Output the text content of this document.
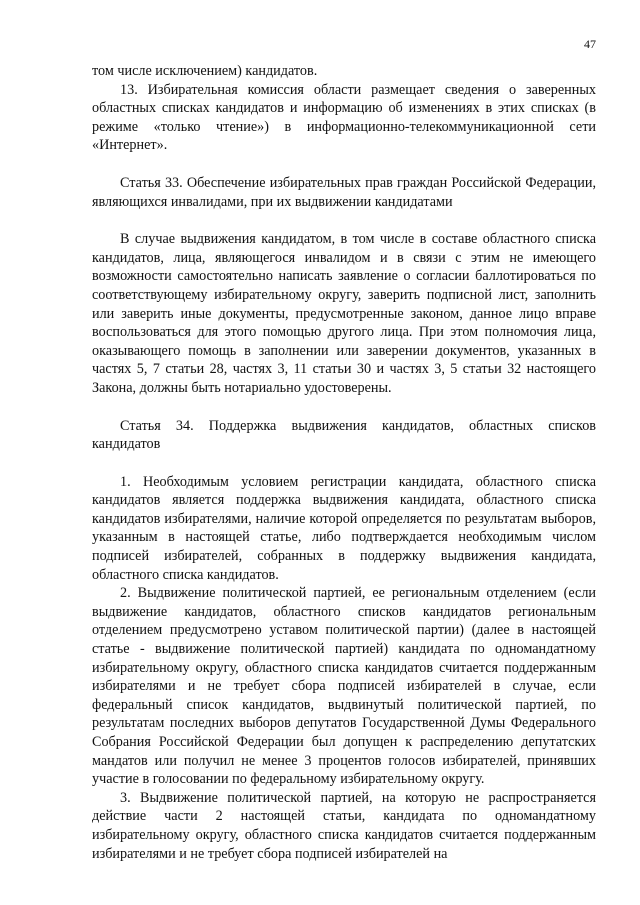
47

том числе исключением) кандидатов.

13. Избирательная комиссия области размещает сведения о заверенных областных списках кандидатов и информацию об изменениях в этих списках (в режиме «только чтение») в информационно-телекоммуникационной сети «Интернет».

Статья 33. Обеспечение избирательных прав граждан Российской Федерации, являющихся инвалидами, при их выдвижении кандидатами

В случае выдвижения кандидатом, в том числе в составе областного списка кандидатов, лица, являющегося инвалидом и в связи с этим не имеющего возможности самостоятельно написать заявление о согласии баллотироваться по соответствующему избирательному округу, заверить подписной лист, заполнить или заверить иные документы, предусмотренные законом, данное лицо вправе воспользоваться для этого помощью другого лица. При этом полномочия лица, оказывающего помощь в заполнении или заверении документов, указанных в частях 5, 7 статьи 28, частях 3, 11 статьи 30 и частях 3, 5 статьи 32 настоящего Закона, должны быть нотариально удостоверены.

Статья 34. Поддержка выдвижения кандидатов, областных списков кандидатов

1. Необходимым условием регистрации кандидата, областного списка кандидатов является поддержка выдвижения кандидата, областного списка кандидатов избирателями, наличие которой определяется по результатам выборов, указанным в настоящей статье, либо подтверждается необходимым числом подписей избирателей, собранных в поддержку выдвижения кандидата, областного списка кандидатов.

2. Выдвижение политической партией, ее региональным отделением (если выдвижение кандидатов, областного списков кандидатов региональным отделением предусмотрено уставом политической партии) (далее в настоящей статье - выдвижение политической партией) кандидата по одномандатному избирательному округу, областного списка кандидатов считается поддержанным избирателями и не требует сбора подписей избирателей в случае, если федеральный список кандидатов, выдвинутый политической партией, по результатам последних выборов депутатов Государственной Думы Федерального Собрания Российской Федерации был допущен к распределению депутатских мандатов или получил не менее 3 процентов голосов избирателей, принявших участие в голосовании по федеральному избирательному округу.

3. Выдвижение политической партией, на которую не распространяется действие части 2 настоящей статьи, кандидата по одномандатному избирательному округу, областного списка кандидатов считается поддержанным избирателями и не требует сбора подписей избирателей на
